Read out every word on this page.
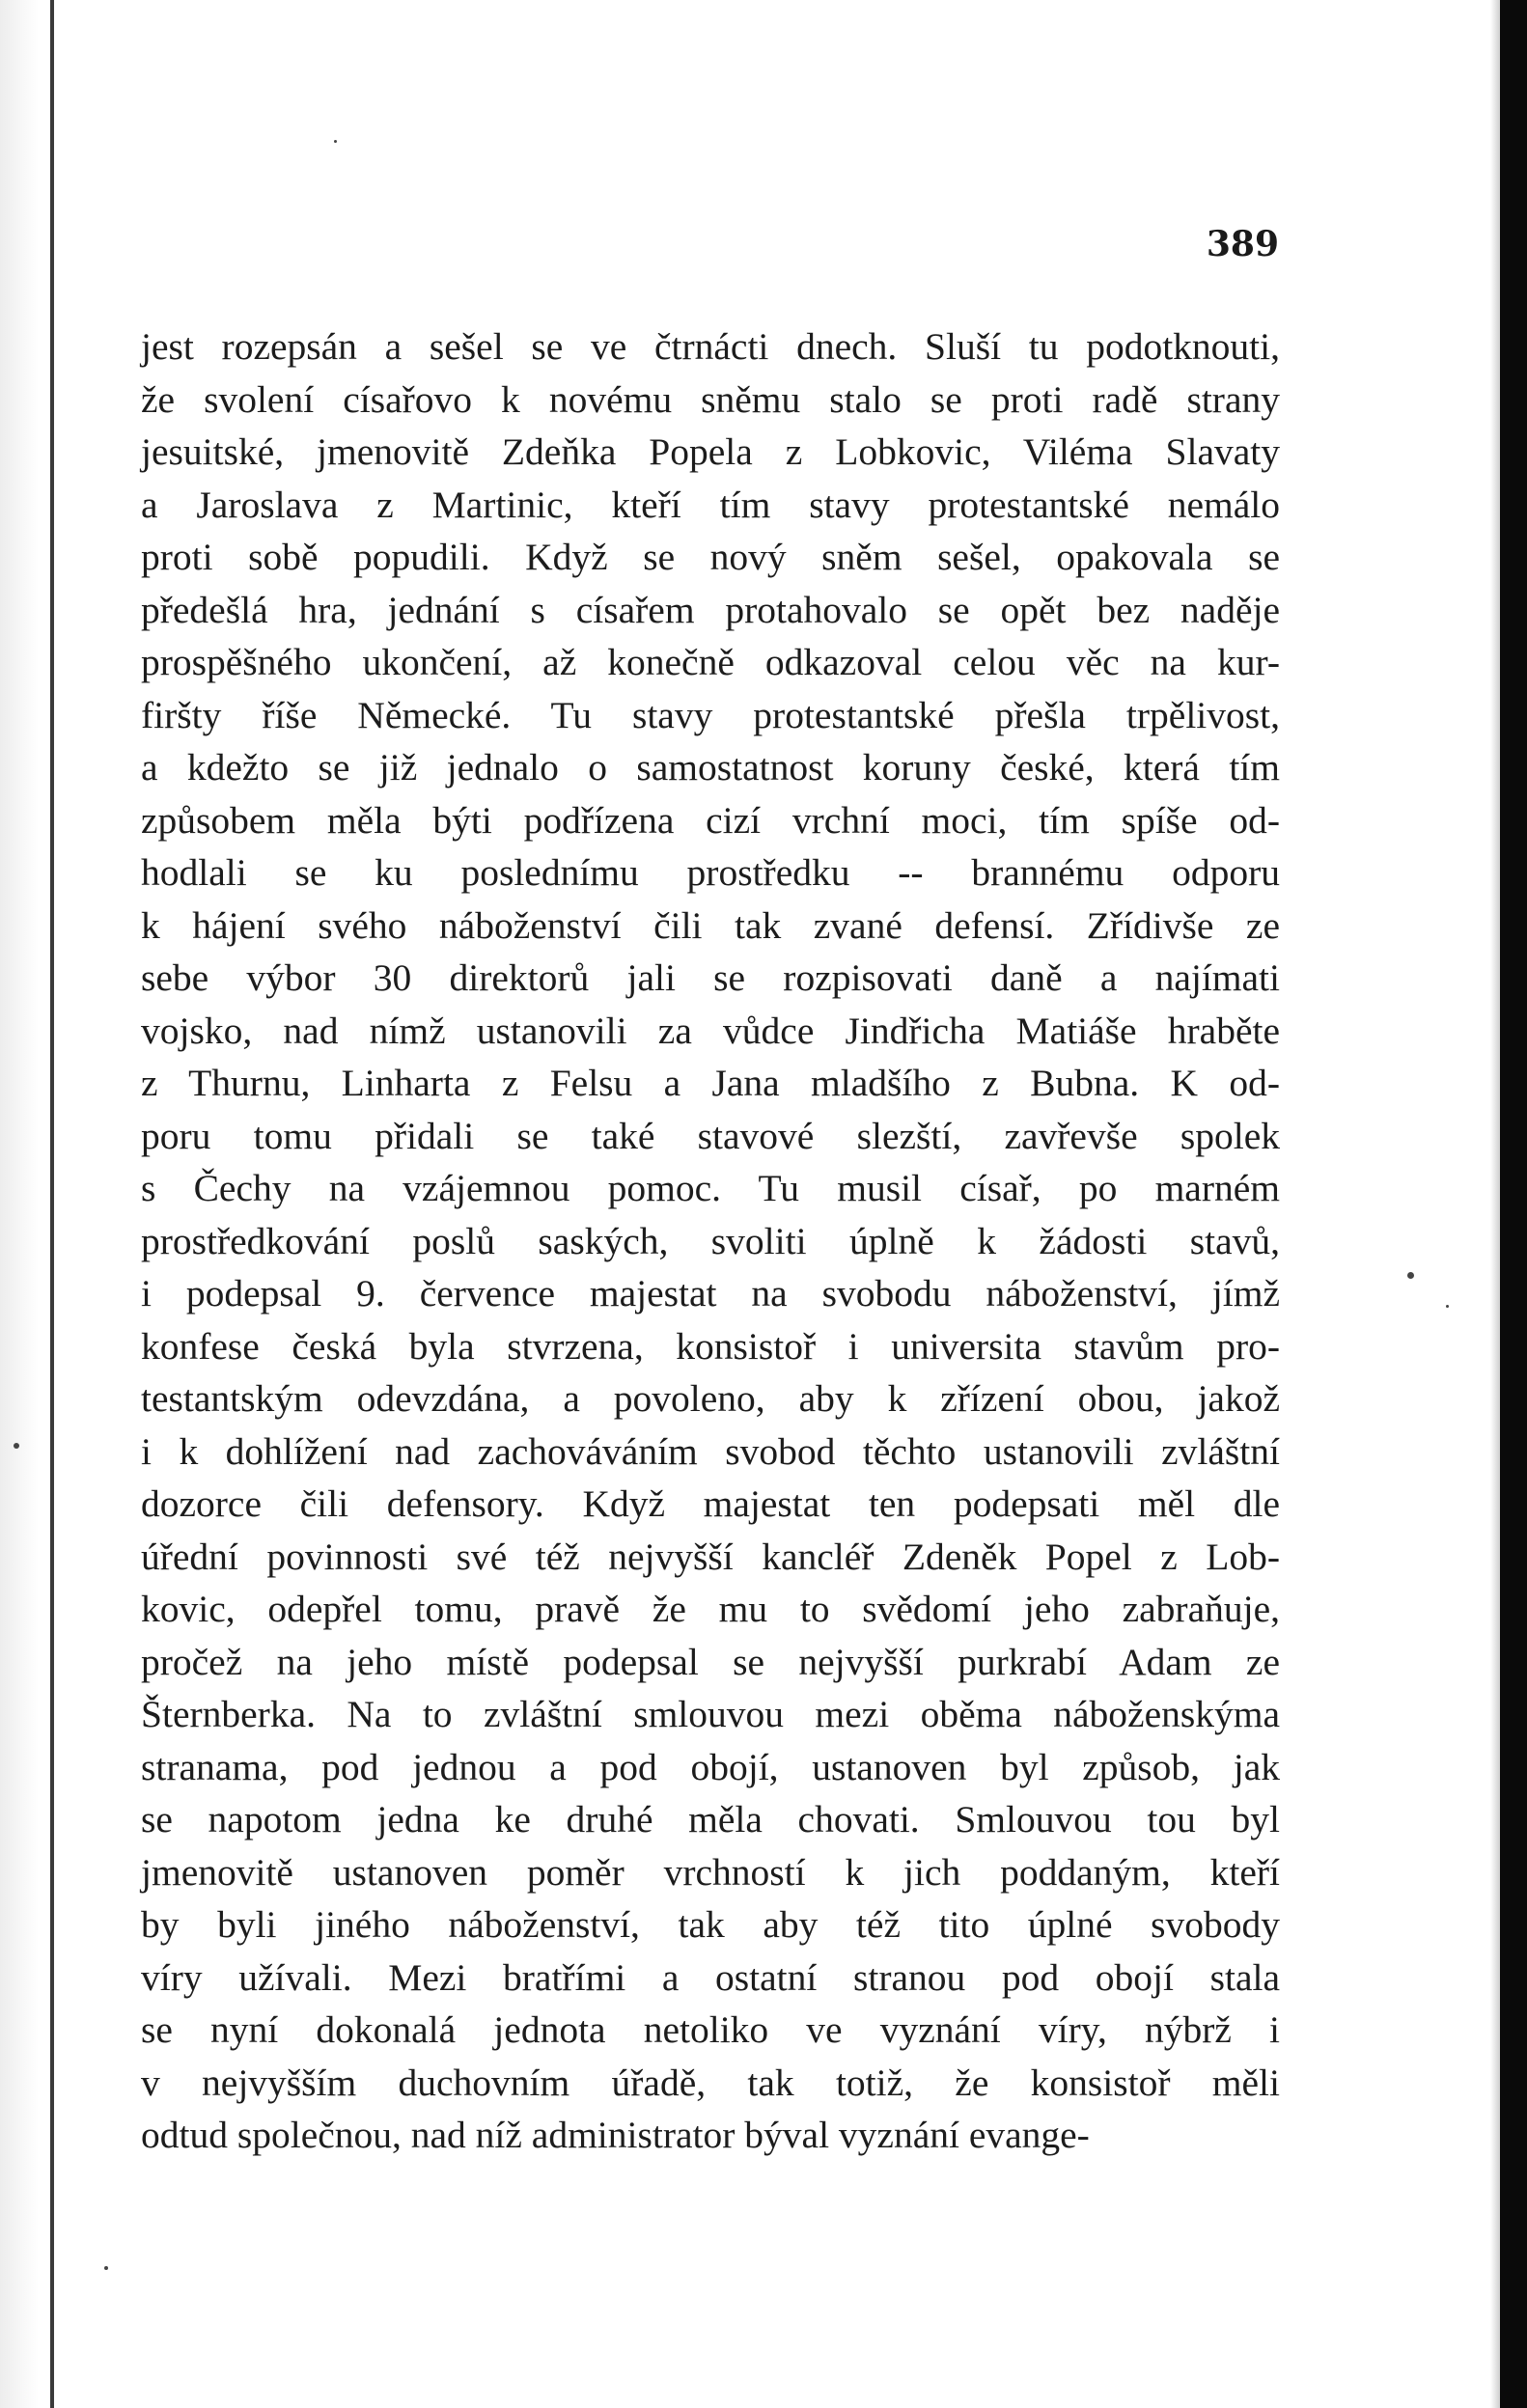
389
jest rozepsán a sešel se ve čtrnácti dnech. Sluší tu podotknouti,
že svolení císařovo k novému sněmu stalo se proti radě strany
jesuitské, jmenovitě Zdeňka Popela z Lobkovic, Viléma Slavaty
a Jaroslava z Martinic, kteří tím stavy protestantské nemálo
proti sobě popudili. Když se nový sněm sešel, opakovala se
předešlá hra, jednání s císařem protahovalo se opět bez naděje
prospěšného ukončení, až konečně odkazoval celou věc na kur-
firšty říše Německé. Tu stavy protestantské přešla trpělivost,
a kdežto se již jednalo o samostatnost koruny české, která tím
způsobem měla býti podřízena cizí vrchní moci, tím spíše od-
hodlali se ku poslednímu prostředku -- brannému odporu
k hájení svého náboženství čili tak zvané defensí. Zřídivše ze
sebe výbor 30 direktorů jali se rozpisovati daně a najímati
vojsko, nad nímž ustanovili za vůdce Jindřicha Matiáše hraběte
z Thurnu, Linharta z Felsu a Jana mladšího z Bubna. K od-
poru tomu přidali se také stavové slezští, zavřevše spolek
s Čechy na vzájemnou pomoc. Tu musil císař, po marném
prostředkování poslů saských, svoliti úplně k žádosti stavů,
i podepsal 9. července majestat na svobodu náboženství, jímž
konfese česká byla stvrzena, konsistoř i universita stavům pro-
testantským odevzdána, a povoleno, aby k zřízení obou, jakož
i k dohlížení nad zachováváním svobod těchto ustanovili zvláštní
dozorce čili defensory. Když majestat ten podepsati měl dle
úřední povinnosti své též nejvyšší kancléř Zdeněk Popel z Lob-
kovic, odepřel tomu, pravě že mu to svědomí jeho zabraňuje,
pročež na jeho místě podepsal se nejvyšší purkrabí Adam ze
Šternberka. Na to zvláštní smlouvou mezi oběma náboženskýma
stranama, pod jednou a pod obojí, ustanoven byl způsob, jak
se napotom jedna ke druhé měla chovati. Smlouvou tou byl
jmenovitě ustanoven poměr vrchností k jich poddaným, kteří
by byli jiného náboženství, tak aby též tito úplné svobody
víry užívali. Mezi bratřími a ostatní stranou pod obojí stala
se nyní dokonalá jednota netoliko ve vyznání víry, nýbrž i
v nejvyšším duchovním úřadě, tak totiž, že konsistoř měli
odtud společnou, nad níž administrator býval vyznání evange-
